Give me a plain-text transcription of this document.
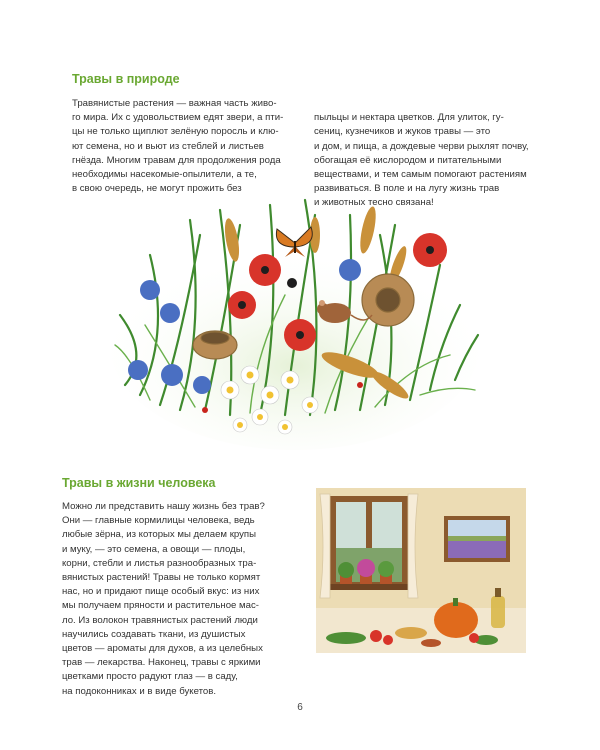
Травы в природе

Травянистые растения — важная часть живо-
го мира. Их с удовольствием едят звери, а пти-
цы не только щиплют зелёную поросль и клю-
ют семена, но и вьют из стеблей и листьев
гнёзда. Многим травам для продолжения рода
необходимы насекомые-опылители, а те,
в свою очередь, не могут прожить без

пыльцы и нектара цветков. Для улиток, гу-
сениц, кузнечиков и жуков травы — это
и дом, и пища, а дождевые черви рыхлят почву,
обогащая её кислородом и питательными
веществами, и тем самым помогают растениям
развиваться. В поле и на лугу жизнь трав
и животных тесно связана!

Травы в жизни человека

Можно ли представить нашу жизнь без трав?
Они — главные кормилицы человека, ведь
любые зёрна, из которых мы делаем крупы
и муку, — это семена, а овощи — плоды,
корни, стебли и листья разнообразных тра-
вянистых растений! Травы не только кормят
нас, но и придают пище особый вкус: из них
мы получаем пряности и растительное мас-
ло. Из волокон травянистых растений люди
научились создавать ткани, из душистых
цветов — ароматы для духов, а из целебных
трав — лекарства. Наконец, травы с яркими
цветками просто радуют глаз — в саду,
на подоконниках и в виде букетов.

6
